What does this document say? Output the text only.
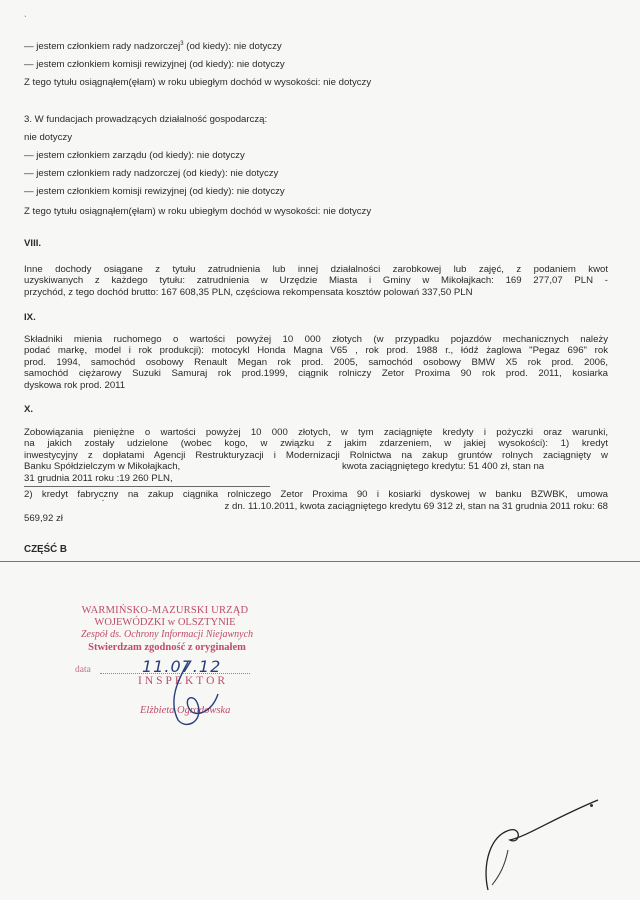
`
— jestem członkiem rady nadzorczej$^3$ (od kiedy): nie dotyczy
— jestem członkiem komisji rewizyjnej (od kiedy): nie dotyczy
Z tego tytułu osiągnąłem(ęłam) w roku ubiegłym dochód w wysokości: nie dotyczy
3. W fundacjach prowadzących działalność gospodarczą:
nie dotyczy
— jestem członkiem zarządu (od kiedy): nie dotyczy
— jestem członkiem rady nadzorczej (od kiedy): nie dotyczy
— jestem członkiem komisji rewizyjnej (od kiedy): nie dotyczy
Z tego tytułu osiągnąłem(ęłam) w roku ubiegłym dochód w wysokości: nie dotyczy
VIII.
Inne dochody osiągane z tytułu zatrudnienia lub innej działalności zarobkowej lub zajęć, z podaniem kwot
uzyskiwanych z każdego tytułu: zatrudnienia w Urzędzie Miasta i Gminy w Mikołajkach: 169 277,07 PLN -
przychód, z tego dochód brutto: 167 608,35 PLN, częściowa rekompensata kosztów polowań 337,50 PLN
IX.
Składniki mienia ruchomego o wartości powyżej 10 000 złotych (w przypadku pojazdów mechanicznych należy
podać markę, model i rok produkcji): motocykl Honda Magna V65 , rok prod. 1988 r., łódź żaglowa "Pegaz 696" rok
prod. 1994, samochód osobowy Renault Megan rok prod. 2005, samochód osobowy BMW X5 rok prod. 2006,
samochód ciężarowy Suzuki Samuraj rok prod.1999, ciągnik rolniczy Zetor Proxima 90 rok prod. 2011, kosiarka
dyskowa rok prod. 2011
X.
Zobowiązania pieniężne o wartości powyżej 10 000 złotych, w tym zaciągnięte kredyty i pożyczki oraz warunki,
na jakich zostały udzielone (wobec kogo, w związku z jakim zdarzeniem, w jakiej wysokości): 1) kredyt
inwestycyjny z dopłatami Agencji Restrukturyzacji i Modernizacji Rolnictwa na zakup gruntów rolnych zaciągnięty w
Banku Spółdzielczym w Mikołajkach,	kwota zaciągniętego kredytu: 51 400 zł, stan na
31 grudnia 2011 roku :19 260 PLN,
2) kredyt fabryczny na zakup ciągnika rolniczego Zetor Proxima 90 i kosiarki dyskowej w banku BZWBK, umowa
z dn. 11.10.2011, kwota zaciągniętego kredytu 69 312 zł, stan na 31 grudnia 2011 roku: 68
569,92 zł
CZĘŚĆ B
WARMIŃSKO-MAZURSKI URZĄD
WOJEWÓDZKI w OLSZTYNIE
Zespół ds. Ochrony Informacji Niejawnych
Stwierdzam zgodność z oryginałem
data	11.07.12
INSPEKTOR
Elżbieta Ogrodowska
